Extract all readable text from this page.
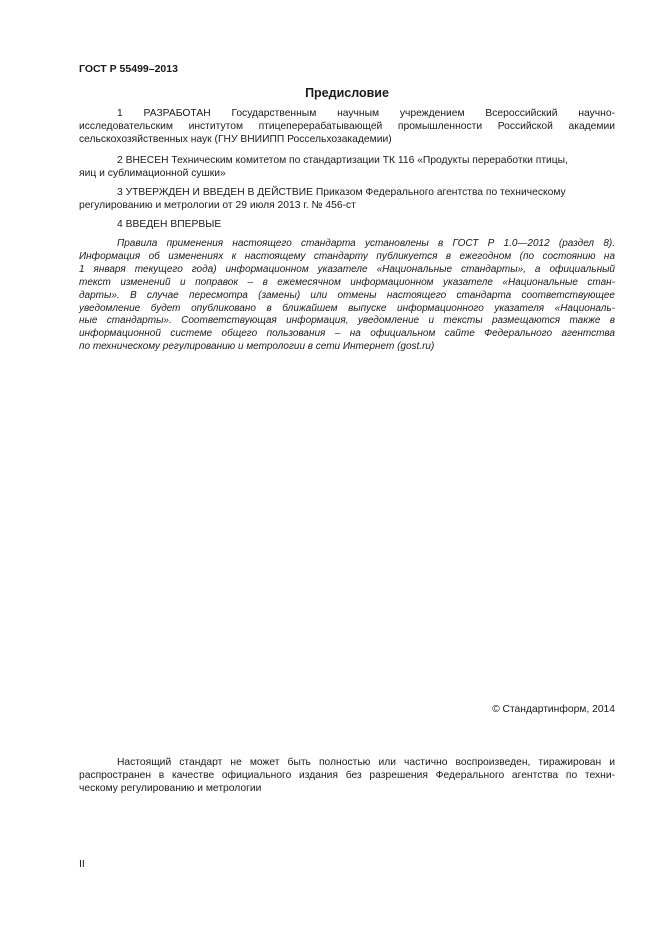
ГОСТ Р 55499–2013
Предисловие
1 РАЗРАБОТАН Государственным научным учреждением Всероссийский научно-
исследовательским институтом птицеперерабатывающей промышленности Российской академии
сельскохозяйственных наук (ГНУ ВНИИПП Россельхозакадемии)
2 ВНЕСЕН Техническим комитетом по стандартизации ТК 116 «Продукты переработки птицы,
яиц и сублимационной сушки»
3 УТВЕРЖДЕН И ВВЕДЕН В ДЕЙСТВИЕ Приказом Федерального агентства по техническому
регулированию и метрологии от 29 июля 2013 г. № 456-ст
4 ВВЕДЕН ВПЕРВЫЕ
Правила применения настоящего стандарта установлены в ГОСТ Р 1.0—2012 (раздел 8).
Информация об изменениях к настоящему стандарту публикуется в ежегодном (по состоянию на
1 января текущего года) информационном указателе «Национальные стандарты», а официальный
текст изменений и поправок – в ежемесячном информационном указателе «Национальные стан-
дарты». В случае пересмотра (замены) или отмены настоящего стандарта соответствующее
уведомление будет опубликовано в ближайшем выпуске информационного указателя «Националь-
ные стандарты». Соответствующая информация, уведомление и тексты размещаются также в
информационной системе общего пользования – на официальном сайте Федерального агентства
по техническому регулированию и метрологии в сети Интернет (gost.ru)
© Стандартинформ, 2014
Настоящий стандарт не может быть полностью или частично воспроизведен, тиражирован и
распространен в качестве официального издания без разрешения Федерального агентства по техни-
ческому регулированию и метрологии
II
